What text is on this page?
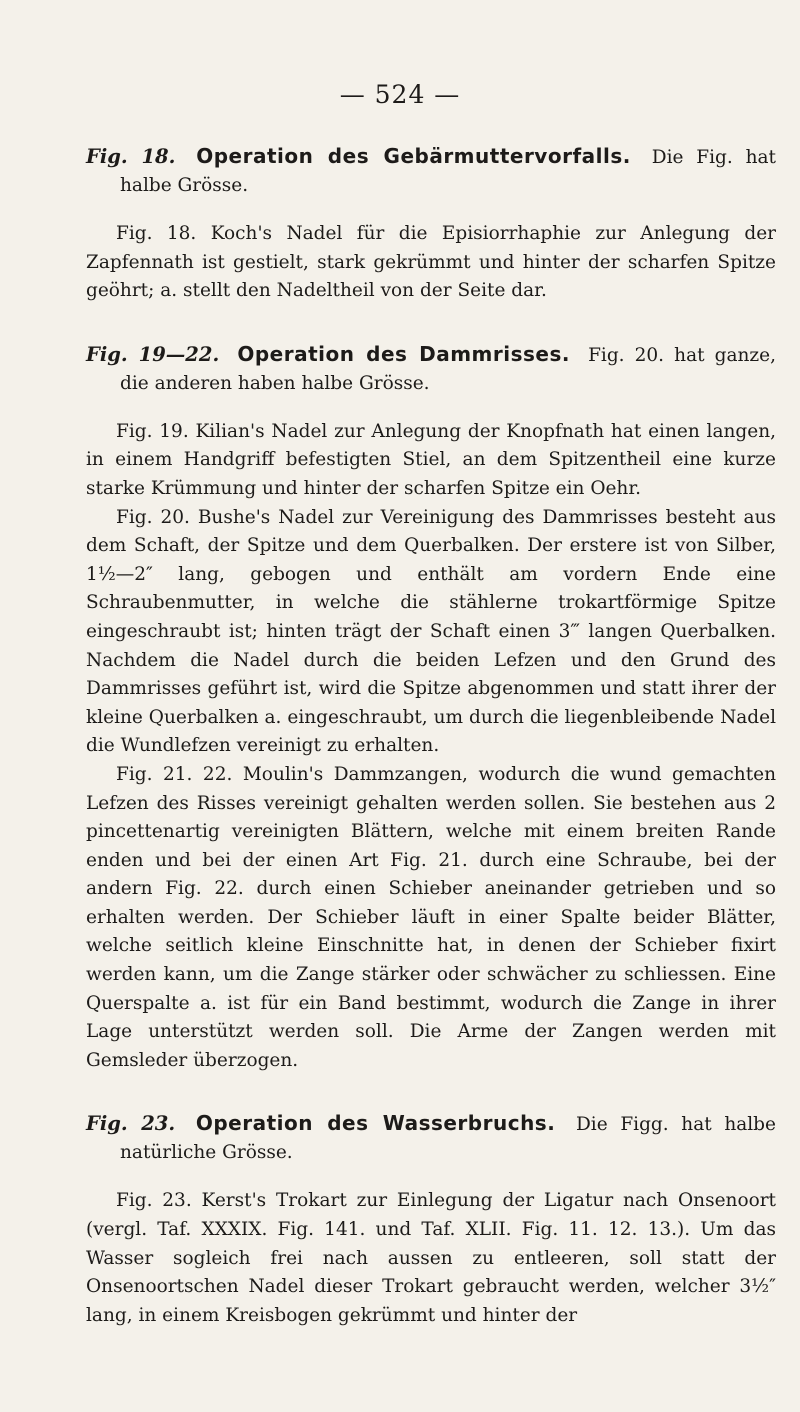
— 524 —

Fig. 18. Operation des Gebärmuttervorfalls. Die Fig. hat halbe Grösse.

Fig. 18. Koch's Nadel für die Episiorrhaphie zur Anlegung der Zapfennath ist gestielt, stark gekrümmt und hinter der scharfen Spitze geöhrt; a. stellt den Nadeltheil von der Seite dar.

Fig. 19—22. Operation des Dammrisses. Fig. 20. hat ganze, die anderen haben halbe Grösse.

Fig. 19. Kilian's Nadel zur Anlegung der Knopfnath hat einen langen, in einem Handgriff befestigten Stiel, an dem Spitzentheil eine kurze starke Krümmung und hinter der scharfen Spitze ein Oehr.

Fig. 20. Bushe's Nadel zur Vereinigung des Dammrisses besteht aus dem Schaft, der Spitze und dem Querbalken. Der erstere ist von Silber, 1½—2″ lang, gebogen und enthält am vordern Ende eine Schraubenmutter, in welche die stählerne trokartförmige Spitze eingeschraubt ist; hinten trägt der Schaft einen 3‴ langen Querbalken. Nachdem die Nadel durch die beiden Lefzen und den Grund des Dammrisses geführt ist, wird die Spitze abgenommen und statt ihrer der kleine Querbalken a. eingeschraubt, um durch die liegenbleibende Nadel die Wundlefzen vereinigt zu erhalten.

Fig. 21. 22. Moulin's Dammzangen, wodurch die wund gemachten Lefzen des Risses vereinigt gehalten werden sollen. Sie bestehen aus 2 pincettenartig vereinigten Blättern, welche mit einem breiten Rande enden und bei der einen Art Fig. 21. durch eine Schraube, bei der andern Fig. 22. durch einen Schieber aneinander getrieben und so erhalten werden. Der Schieber läuft in einer Spalte beider Blätter, welche seitlich kleine Einschnitte hat, in denen der Schieber fixirt werden kann, um die Zange stärker oder schwächer zu schliessen. Eine Querspalte a. ist für ein Band bestimmt, wodurch die Zange in ihrer Lage unterstützt werden soll. Die Arme der Zangen werden mit Gemsleder überzogen.

Fig. 23. Operation des Wasserbruchs. Die Figg. hat halbe natürliche Grösse.

Fig. 23. Kerst's Trokart zur Einlegung der Ligatur nach Onsenoort (vergl. Taf. XXXIX. Fig. 141. und Taf. XLII. Fig. 11. 12. 13.). Um das Wasser sogleich frei nach aussen zu entleeren, soll statt der Onsenoortschen Nadel dieser Trokart gebraucht werden, welcher 3½″ lang, in einem Kreisbogen gekrümmt und hinter der
